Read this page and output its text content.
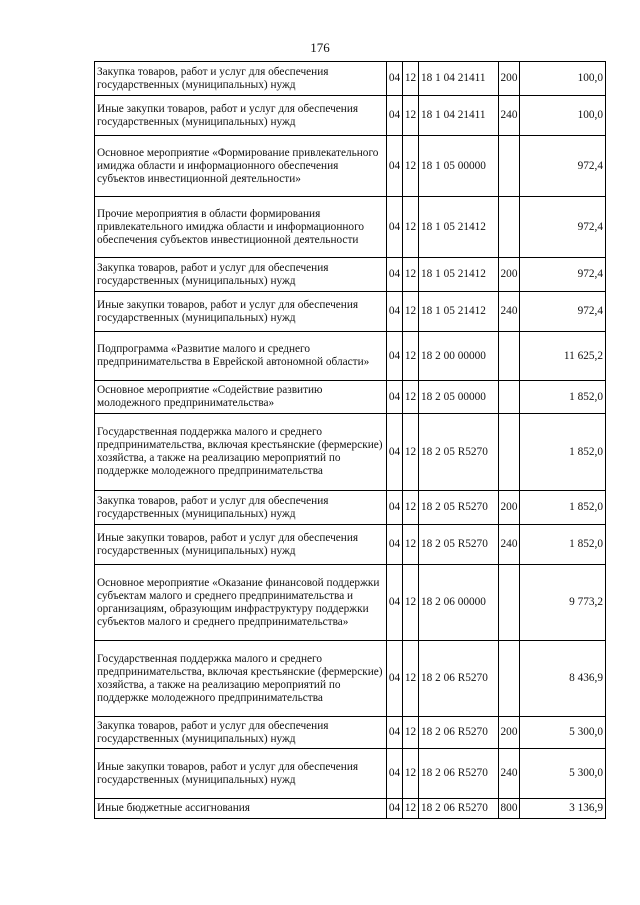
176
Закупка товаров, работ и услуг для обеспечения государственных (муниципальных) нужд	04	12	18 1 04 21411	200	100,0
Иные закупки товаров, работ и услуг для обеспечения государственных (муниципальных) нужд	04	12	18 1 04 21411	240	100,0
Основное мероприятие «Формирование привлекательного имиджа области и информационного обеспечения субъектов инвестиционной деятельности»	04	12	18 1 05 00000		972,4
Прочие мероприятия в области формирования привлекательного имиджа области и информационного обеспечения субъектов инвестиционной деятельности	04	12	18 1 05 21412		972,4
Закупка товаров, работ и услуг для обеспечения государственных (муниципальных) нужд	04	12	18 1 05 21412	200	972,4
Иные закупки товаров, работ и услуг для обеспечения государственных (муниципальных) нужд	04	12	18 1 05 21412	240	972,4
Подпрограмма «Развитие малого и среднего предпринимательства в Еврейской автономной области»	04	12	18 2 00 00000		11 625,2
Основное мероприятие «Содействие развитию молодежного предпринимательства»	04	12	18 2 05 00000		1 852,0
Государственная поддержка малого и среднего предпринимательства, включая крестьянские (фермерские) хозяйства, а также на реализацию мероприятий по поддержке молодежного предпринимательства	04	12	18 2 05 R5270		1 852,0
Закупка товаров, работ и услуг для обеспечения государственных (муниципальных) нужд	04	12	18 2 05 R5270	200	1 852,0
Иные закупки товаров, работ и услуг для обеспечения государственных (муниципальных) нужд	04	12	18 2 05 R5270	240	1 852,0
Основное мероприятие «Оказание финансовой поддержки субъектам малого и среднего предпринимательства и организациям, образующим инфраструктуру поддержки субъектов малого и среднего предпринимательства»	04	12	18 2 06 00000		9 773,2
Государственная поддержка малого и среднего предпринимательства, включая крестьянские (фермерские) хозяйства, а также на реализацию мероприятий по поддержке молодежного предпринимательства	04	12	18 2 06 R5270		8 436,9
Закупка товаров, работ и услуг для обеспечения государственных (муниципальных) нужд	04	12	18 2 06 R5270	200	5 300,0
Иные закупки товаров, работ и услуг для обеспечения государственных (муниципальных) нужд	04	12	18 2 06 R5270	240	5 300,0
Иные бюджетные ассигнования	04	12	18 2 06 R5270	800	3 136,9
